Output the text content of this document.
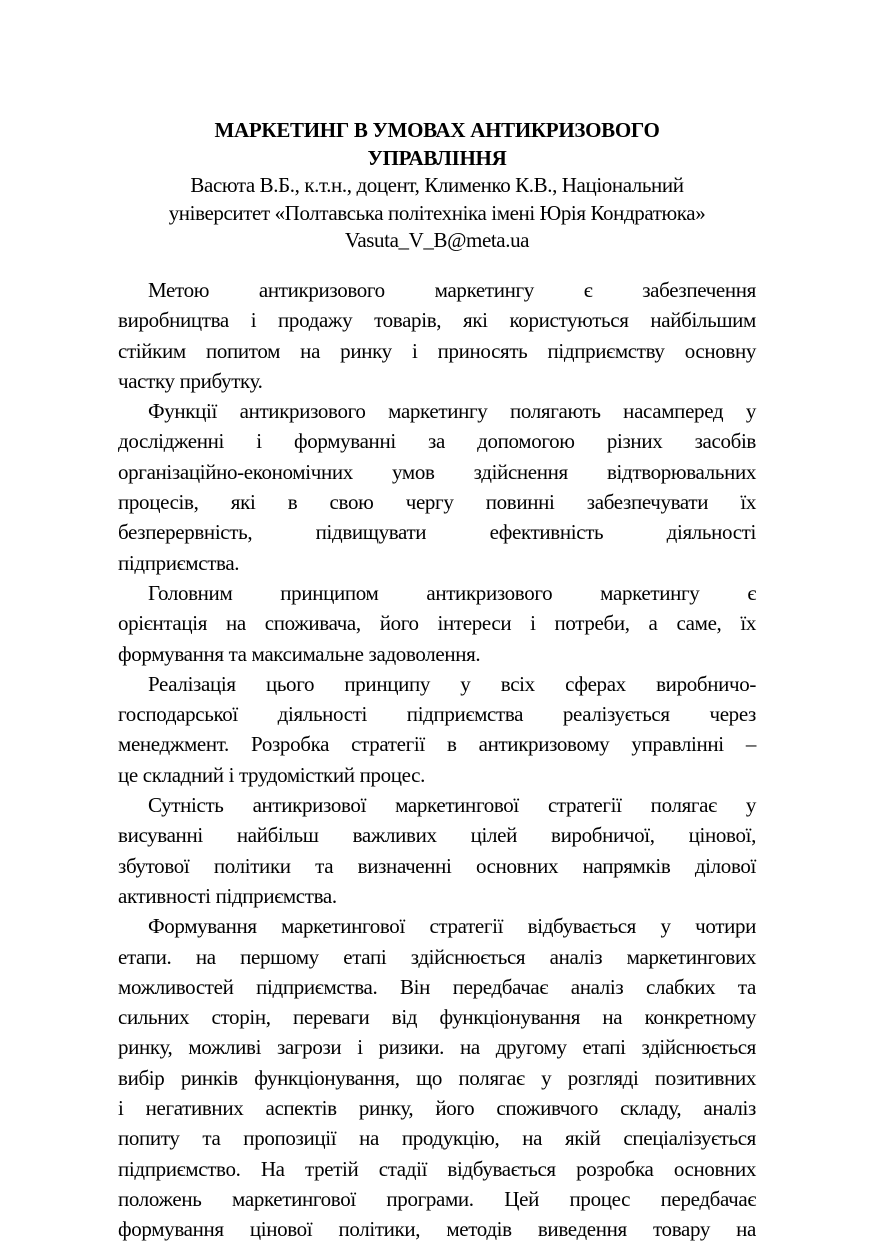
МАРКЕТИНГ В УМОВАХ АНТИКРИЗОВОГО
УПРАВЛІННЯ
Васюта В.Б., к.т.н., доцент, Клименко К.В., Національний
університет «Полтавська політехніка імені Юрія Кондратюка»
Vasuta_V_B@meta.ua
Метою антикризового маркетингу є забезпечення
виробництва і продажу товарів, які користуються найбільшим
стійким попитом на ринку і приносять підприємству основну
частку прибутку.
Функції антикризового маркетингу полягають насамперед у
дослідженні і формуванні за допомогою різних засобів
організаційно-економічних умов здійснення відтворювальних
процесів, які в свою чергу повинні забезпечувати їх
безперервність, підвищувати ефективність діяльності
підприємства.
Головним принципом антикризового маркетингу є
орієнтація на споживача, його інтереси і потреби, а саме, їх
формування та максимальне задоволення.
Реалізація цього принципу у всіх сферах виробничо-
господарської діяльності підприємства реалізується через
менеджмент. Розробка стратегії в антикризовому управлінні –
це складний і трудомісткий процес.
Сутність антикризової маркетингової стратегії полягає у
висуванні найбільш важливих цілей виробничої, цінової,
збутової політики та визначенні основних напрямків ділової
активності підприємства.
Формування маркетингової стратегії відбувається у чотири
етапи. на першому етапі здійснюється аналіз маркетингових
можливостей підприємства. Він передбачає аналіз слабких та
сильних сторін, переваги від функціонування на конкретному
ринку, можливі загрози і ризики. на другому етапі здійснюється
вибір ринків функціонування, що полягає у розгляді позитивних
і негативних аспектів ринку, його споживчого складу, аналіз
попиту та пропозиції на продукцію, на якій спеціалізується
підприємство. На третій стадії відбувається розробка основних
положень маркетингової програми. Цей процес передбачає
формування цінової політики, методів виведення товару на
